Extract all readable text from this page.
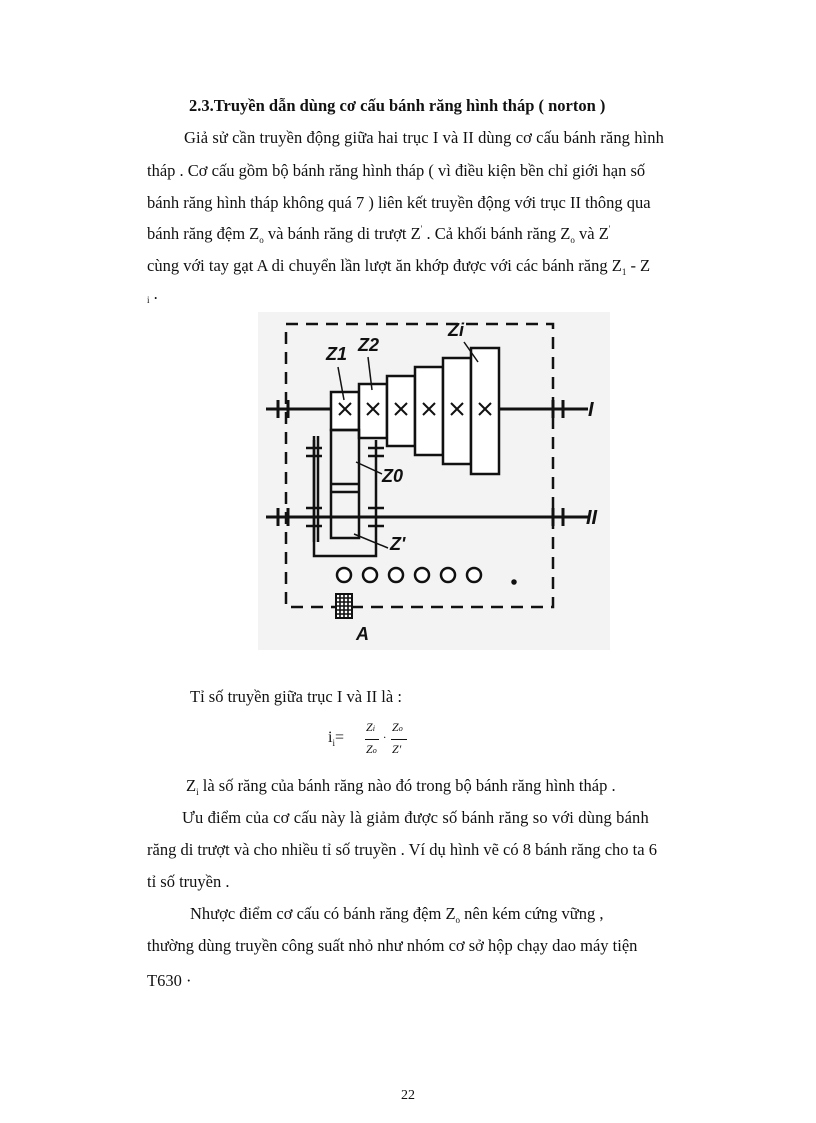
2.3.Truyền dẫn dùng cơ cấu bánh răng hình tháp ( norton )
Giả sử cần truyền động giữa hai trục I và II dùng cơ cấu bánh răng hình
tháp . Cơ cấu gồm bộ bánh răng hình tháp ( vì điều kiện bền chỉ giới hạn số
bánh răng hình tháp không quá 7 ) liên kết truyền động với trục II thông qua
bánh răng đệm $Z_o$ và bánh răng di trượt Z' . Cả khối bánh răng $Z_o$ và Z'
cùng với tay gạt A di chuyển lần lượt ăn khớp được với các bánh răng $Z_1$ - Z
$_i$ .
Z1 Z2
Zi
Z0
Z'
I
II
A
Tỉ số truyền giữa trục I và II là :
$i_i=$
Zi
Zo
·
Zo
Z′
$Z_i$ là số răng của bánh răng nào đó trong bộ bánh răng hình tháp .
Ưu điểm của cơ cấu này là giảm được số bánh răng so với dùng bánh
răng di trượt và cho nhiều tỉ số truyền . Ví dụ hình vẽ có 8 bánh răng cho ta 6
tỉ số truyền .
Nhược điểm cơ cấu có bánh răng đệm $Z_o$ nên kém cứng vững ,
thường dùng truyền công suất nhỏ như nhóm cơ sở hộp chạy dao máy tiện
T630 ·
22
